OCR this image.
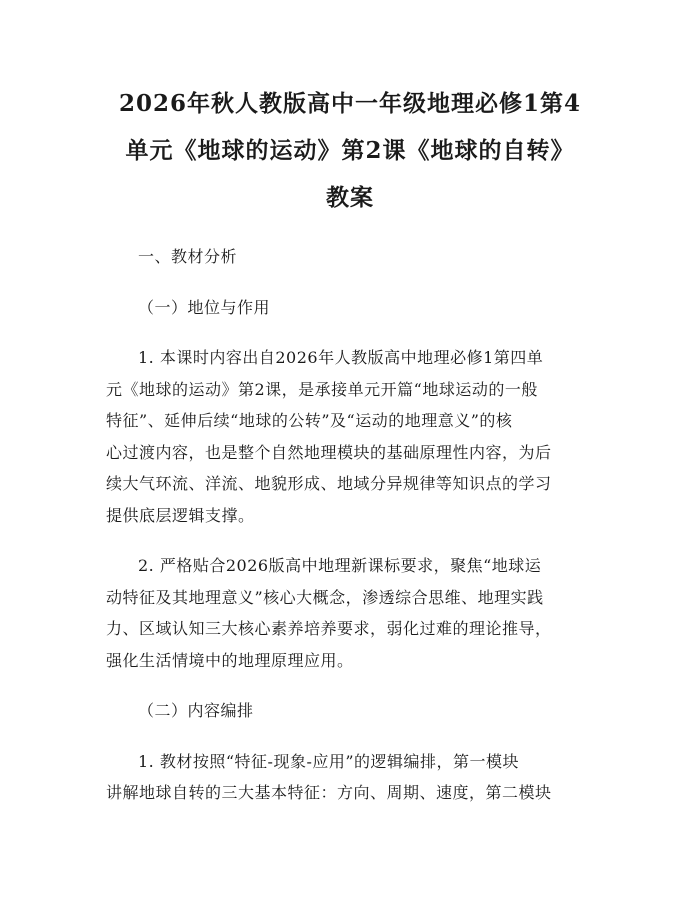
2026年秋人教版高中一年级地理必修1第4
单元《地球的运动》第2课《地球的自转》
教案

一、教材分析

（一）地位与作用

1. 本课时内容出自2026年人教版高中地理必修1第四单
元《地球的运动》第2课，是承接单元开篇“地球运动的一般
特征”、延伸后续“地球的公转”及“运动的地理意义”的核
心过渡内容，也是整个自然地理模块的基础原理性内容，为后
续大气环流、洋流、地貌形成、地域分异规律等知识点的学习
提供底层逻辑支撑。

2. 严格贴合2026版高中地理新课标要求，聚焦“地球运
动特征及其地理意义”核心大概念，渗透综合思维、地理实践
力、区域认知三大核心素养培养要求，弱化过难的理论推导，
强化生活情境中的地理原理应用。

（二）内容编排

1. 教材按照“特征-现象-应用”的逻辑编排，第一模块
讲解地球自转的三大基本特征：方向、周期、速度，第二模块
